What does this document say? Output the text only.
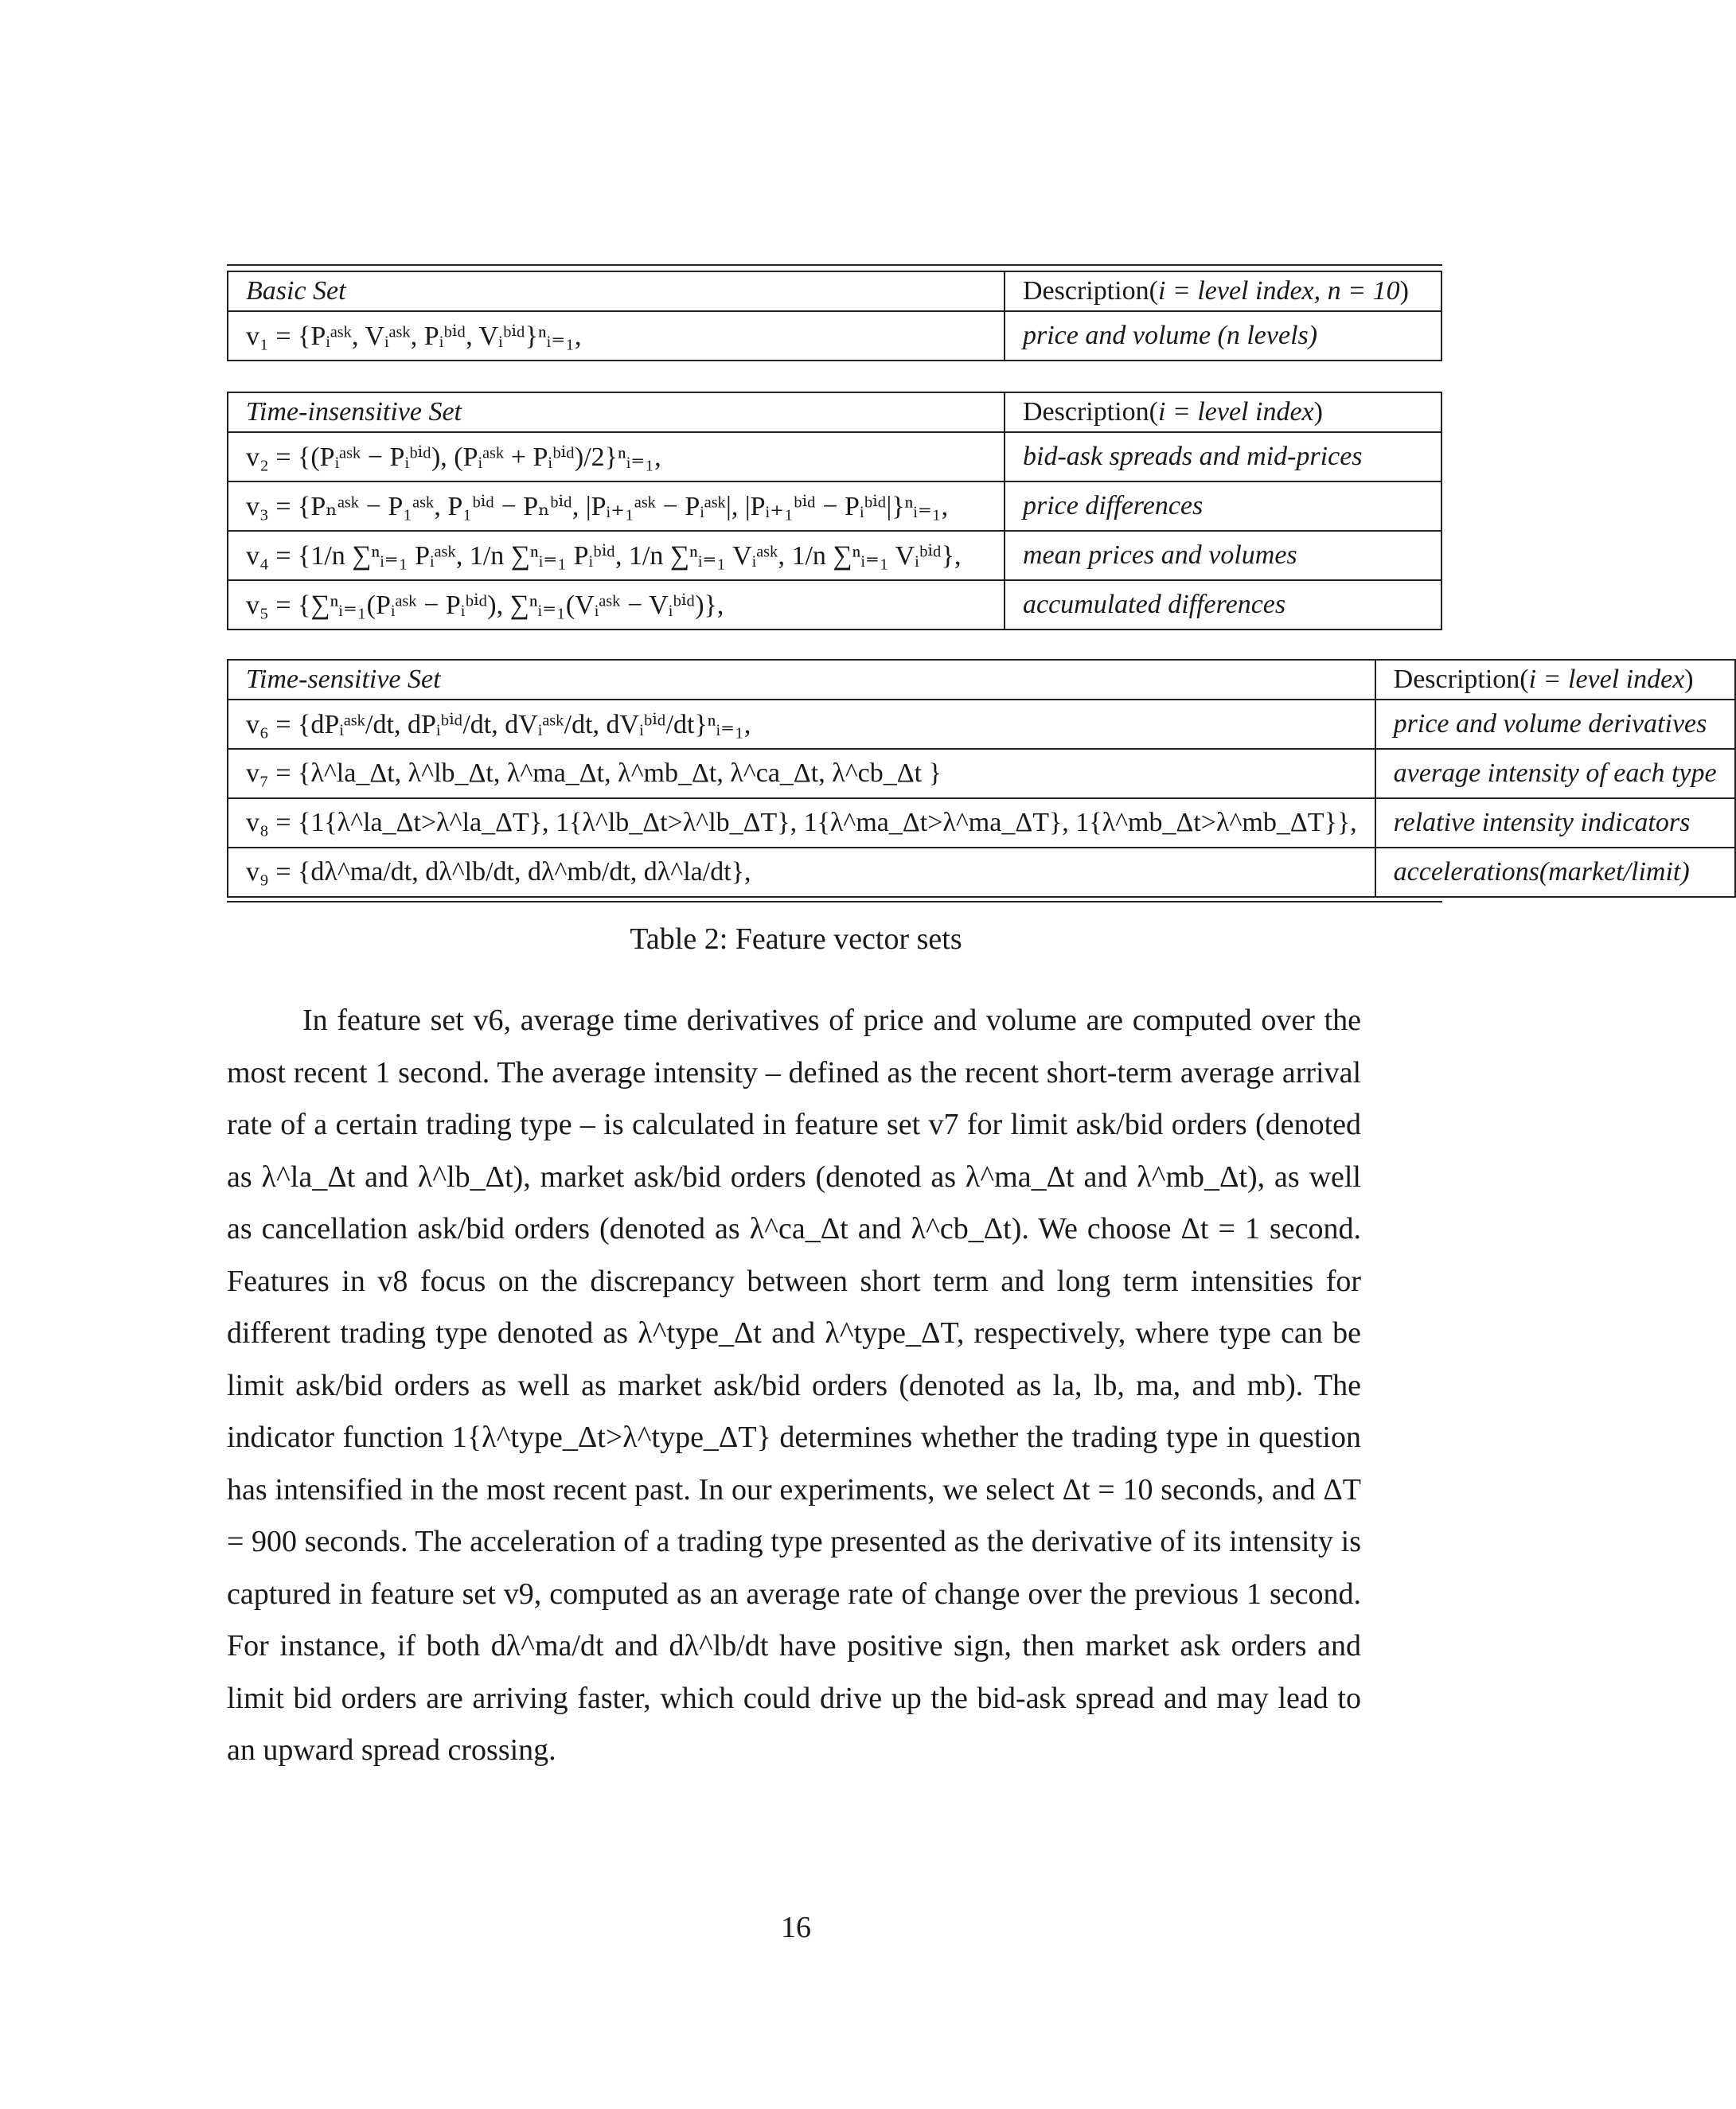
Basic Set	Description(i = level index, n = 10)
v₁ = {Pᵢᵃˢᵏ, Vᵢᵃˢᵏ, Pᵢᵇⁱᵈ, Vᵢᵇⁱᵈ}ⁿᵢ₌₁,	price and volume (n levels)
Time-insensitive Set	Description(i = level index)
v₂ = {(Pᵢᵃˢᵏ − Pᵢᵇⁱᵈ), (Pᵢᵃˢᵏ + Pᵢᵇⁱᵈ)/2}ⁿᵢ₌₁,	bid-ask spreads and mid-prices
v₃ = {Pₙᵃˢᵏ − P₁ᵃˢᵏ, P₁ᵇⁱᵈ − Pₙᵇⁱᵈ, |Pᵢ₊₁ᵃˢᵏ − Pᵢᵃˢᵏ|, |Pᵢ₊₁ᵇⁱᵈ − Pᵢᵇⁱᵈ|}ⁿᵢ₌₁,	price differences
v₄ = {1/n ∑ⁿᵢ₌₁ Pᵢᵃˢᵏ, 1/n ∑ⁿᵢ₌₁ Pᵢᵇⁱᵈ, 1/n ∑ⁿᵢ₌₁ Vᵢᵃˢᵏ, 1/n ∑ⁿᵢ₌₁ Vᵢᵇⁱᵈ},	mean prices and volumes
v₅ = {∑ⁿᵢ₌₁(Pᵢᵃˢᵏ − Pᵢᵇⁱᵈ), ∑ⁿᵢ₌₁(Vᵢᵃˢᵏ − Vᵢᵇⁱᵈ)},	accumulated differences
Time-sensitive Set	Description(i = level index)
v₆ = {dPᵢᵃˢᵏ/dt, dPᵢᵇⁱᵈ/dt, dVᵢᵃˢᵏ/dt, dVᵢᵇⁱᵈ/dt}ⁿᵢ₌₁,	price and volume derivatives
v₇ = {λ^la_Δt, λ^lb_Δt, λ^ma_Δt, λ^mb_Δt, λ^ca_Δt, λ^cb_Δt }	average intensity of each type
v₈ = {1{λ^la_Δt>λ^la_ΔT}, 1{λ^lb_Δt>λ^lb_ΔT}, 1{λ^ma_Δt>λ^ma_ΔT}, 1{λ^mb_Δt>λ^mb_ΔT}},	relative intensity indicators
v₉ = {dλ^ma/dt, dλ^lb/dt, dλ^mb/dt, dλ^la/dt},	accelerations(market/limit)
Table 2: Feature vector sets

In feature set v6, average time derivatives of price and volume are computed over the most recent 1 second. The average intensity – defined as the recent short-term average arrival rate of a certain trading type – is calculated in feature set v7 for limit ask/bid orders (denoted as λ^la_Δt and λ^lb_Δt), market ask/bid orders (denoted as λ^ma_Δt and λ^mb_Δt), as well as cancellation ask/bid orders (denoted as λ^ca_Δt and λ^cb_Δt). We choose Δt = 1 second. Features in v8 focus on the discrepancy between short term and long term intensities for different trading type denoted as λ^type_Δt and λ^type_ΔT, respectively, where type can be limit ask/bid orders as well as market ask/bid orders (denoted as la, lb, ma, and mb). The indicator function 1{λ^type_Δt>λ^type_ΔT} determines whether the trading type in question has intensified in the most recent past. In our experiments, we select Δt = 10 seconds, and ΔT = 900 seconds. The acceleration of a trading type presented as the derivative of its intensity is captured in feature set v9, computed as an average rate of change over the previous 1 second. For instance, if both dλ^ma/dt and dλ^lb/dt have positive sign, then market ask orders and limit bid orders are arriving faster, which could drive up the bid-ask spread and may lead to an upward spread crossing.

16
